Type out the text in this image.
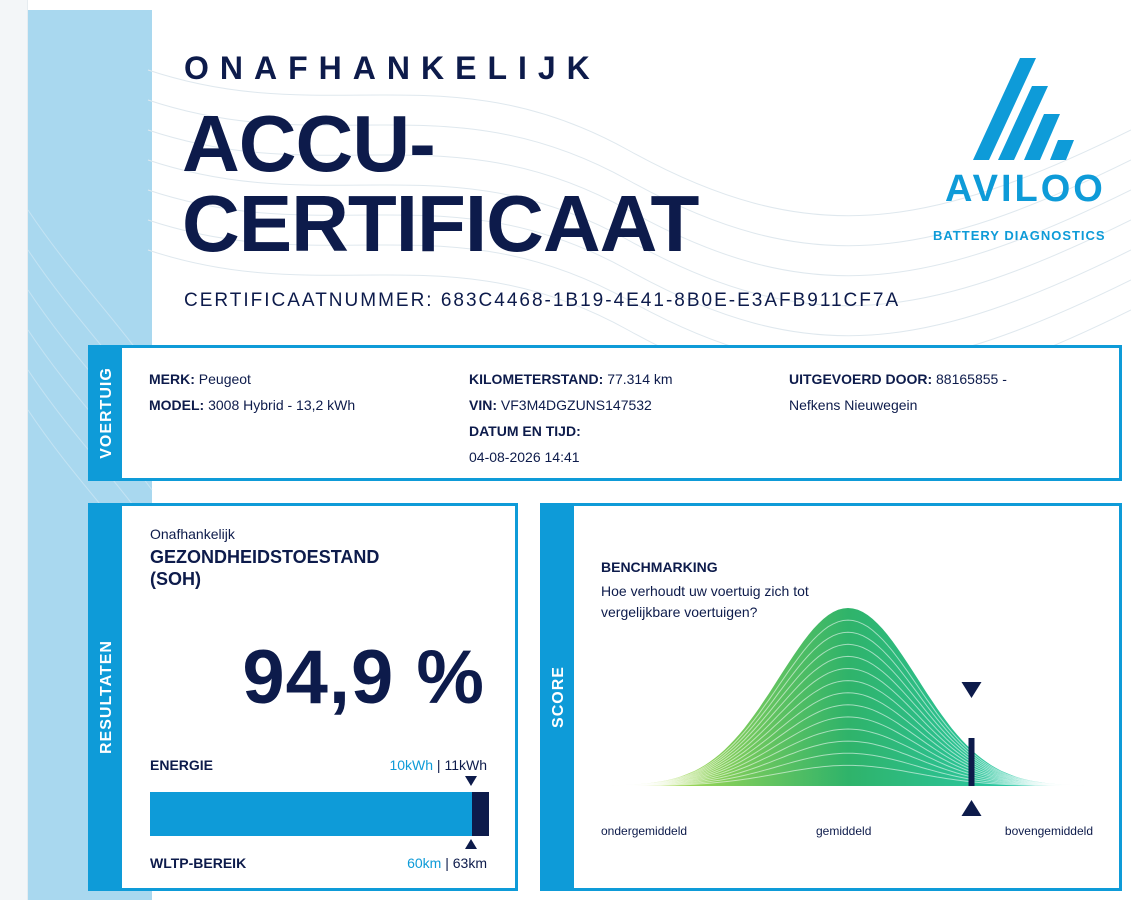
ONAFHANKELIJK
ACCU-
CERTIFICAAT
CERTIFICAATNUMMER: 683C4468-1B19-4E41-8B0E-E3AFB911CF7A
AVILOO
BATTERY DIAGNOSTICS
VOERTUIG MERK: Peugeot
MODEL: 3008 Hybrid - 13,2 kWh
KILOMETERSTAND: 77.314 km
VIN: VF3M4DGZUNS147532
DATUM EN TIJD:
04-08-2026 14:41
UITGEVOERD DOOR: 88165855 -
Nefkens Nieuwegein
RESULTATEN
Onafhankelijk
GEZONDHEIDSTOESTAND
(SOH)
94,9 %
ENERGIE	10kWh | 11kWh
WLTP-BEREIK	60km | 63km
SCORE
BENCHMARKING
Hoe verhoudt uw voertuig zich tot vergelijkbare voertuigen?
ondergemiddeld	gemiddeld	bovengemiddeld
